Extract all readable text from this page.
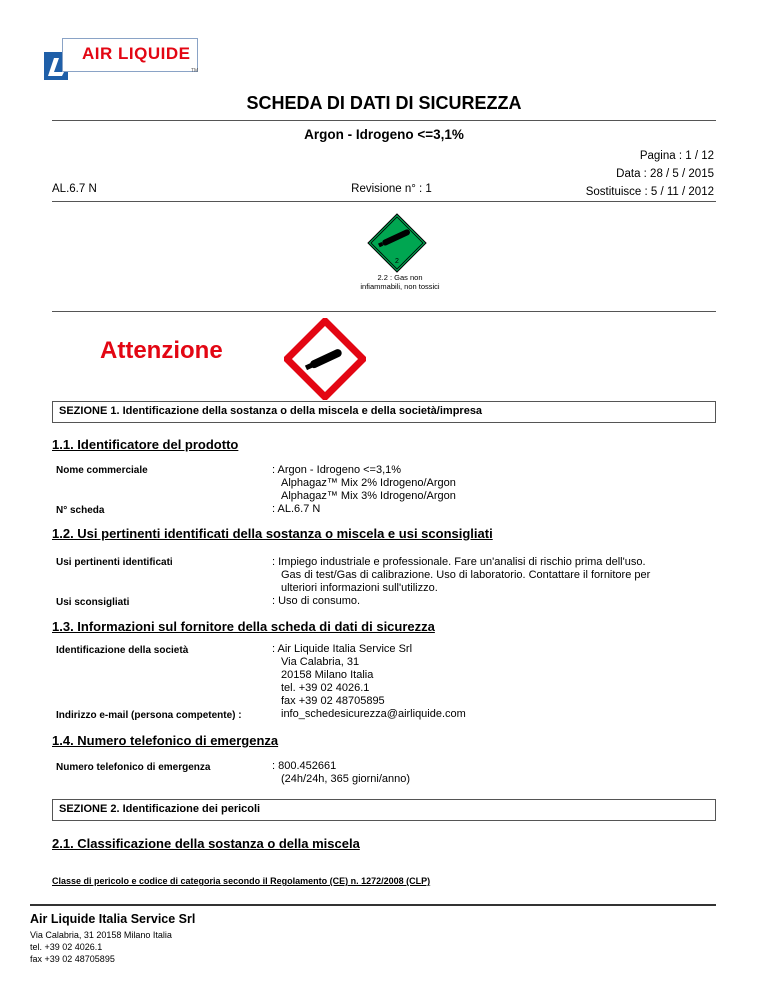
AIR LIQUIDE
TM
SCHEDA DI DATI DI SICUREZZA
Argon - Idrogeno <=3,1%
Pagina : 1 / 12
Data : 28 / 5 / 2015
Sostituisce : 5 / 11 / 2012
AL.6.7 N	Revisione n° : 1
2
2.2 : Gas non
infiammabili, non tossici
Attenzione
SEZIONE 1. Identificazione della sostanza o della miscela e della società/impresa
1.1. Identificatore del prodotto
Nome commerciale	: Argon - Idrogeno <=3,1%
Alphagaz™ Mix 2% Idrogeno/Argon
Alphagaz™ Mix 3% Idrogeno/Argon
N° scheda	: AL.6.7 N
1.2. Usi pertinenti identificati della sostanza o miscela e usi sconsigliati
Usi pertinenti identificati	: Impiego industriale e professionale. Fare un'analisi di rischio prima dell'uso.
Gas di test/Gas di calibrazione. Uso di laboratorio. Contattare il fornitore per
ulteriori informazioni sull'utilizzo.
Usi sconsigliati	: Uso di consumo.
1.3. Informazioni sul fornitore della scheda di dati di sicurezza
Identificazione della società	: Air Liquide Italia Service Srl
Via Calabria, 31
20158 Milano Italia
tel. +39 02 4026.1
fax +39 02 48705895
Indirizzo e-mail (persona competente) :	info_schedesicurezza@airliquide.com
1.4. Numero telefonico di emergenza
Numero telefonico di emergenza	: 800.452661
(24h/24h, 365 giorni/anno)
SEZIONE 2. Identificazione dei pericoli
2.1. Classificazione della sostanza o della miscela
Classe di pericolo e codice di categoria secondo il Regolamento (CE) n. 1272/2008 (CLP)
Air Liquide Italia Service Srl
Via Calabria, 31 20158 Milano Italia
tel. +39 02 4026.1
fax +39 02 48705895
